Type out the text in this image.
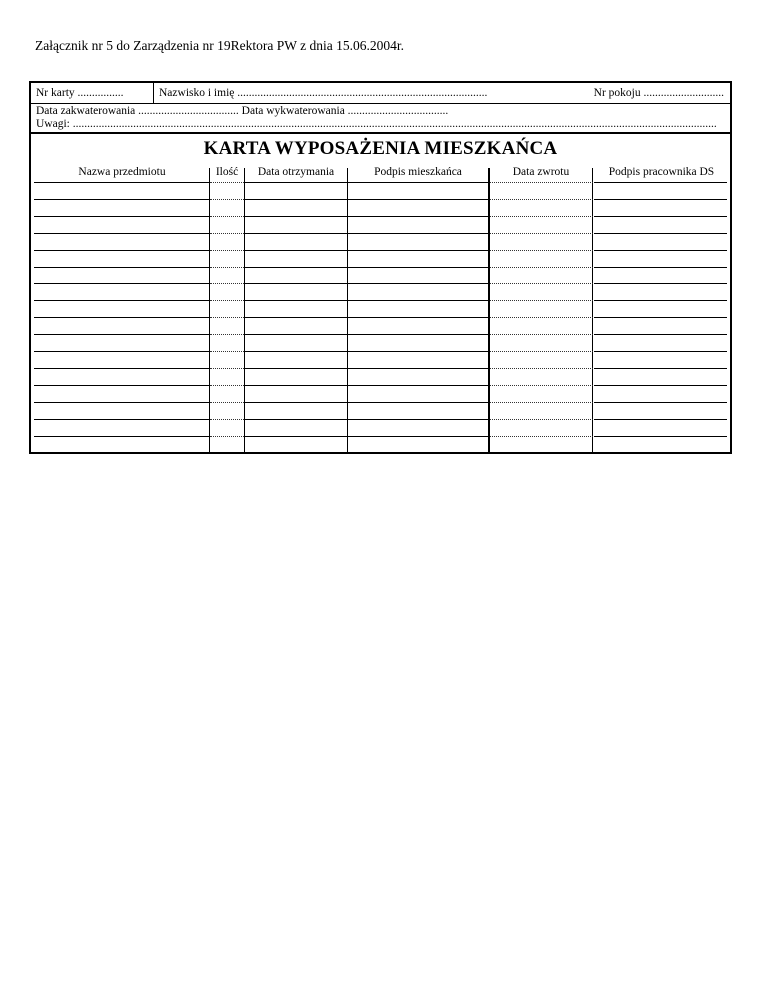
Załącznik nr 5 do Zarządzenia nr 19Rektora PW z dnia 15.06.2004r.
Nr karty ................	Nazwisko i imię .......................................................................................	Nr pokoju ............................
Data zakwaterowania ................................... Data wykwaterowania ...................................
Uwagi: ................................................................................................................................................................................................................................
KARTA WYPOSAŻENIA MIESZKAŃCA
Nazwa przedmiotu	Ilość	Data otrzymania	Podpis mieszkańca	Data zwrotu	Podpis pracownika DS
